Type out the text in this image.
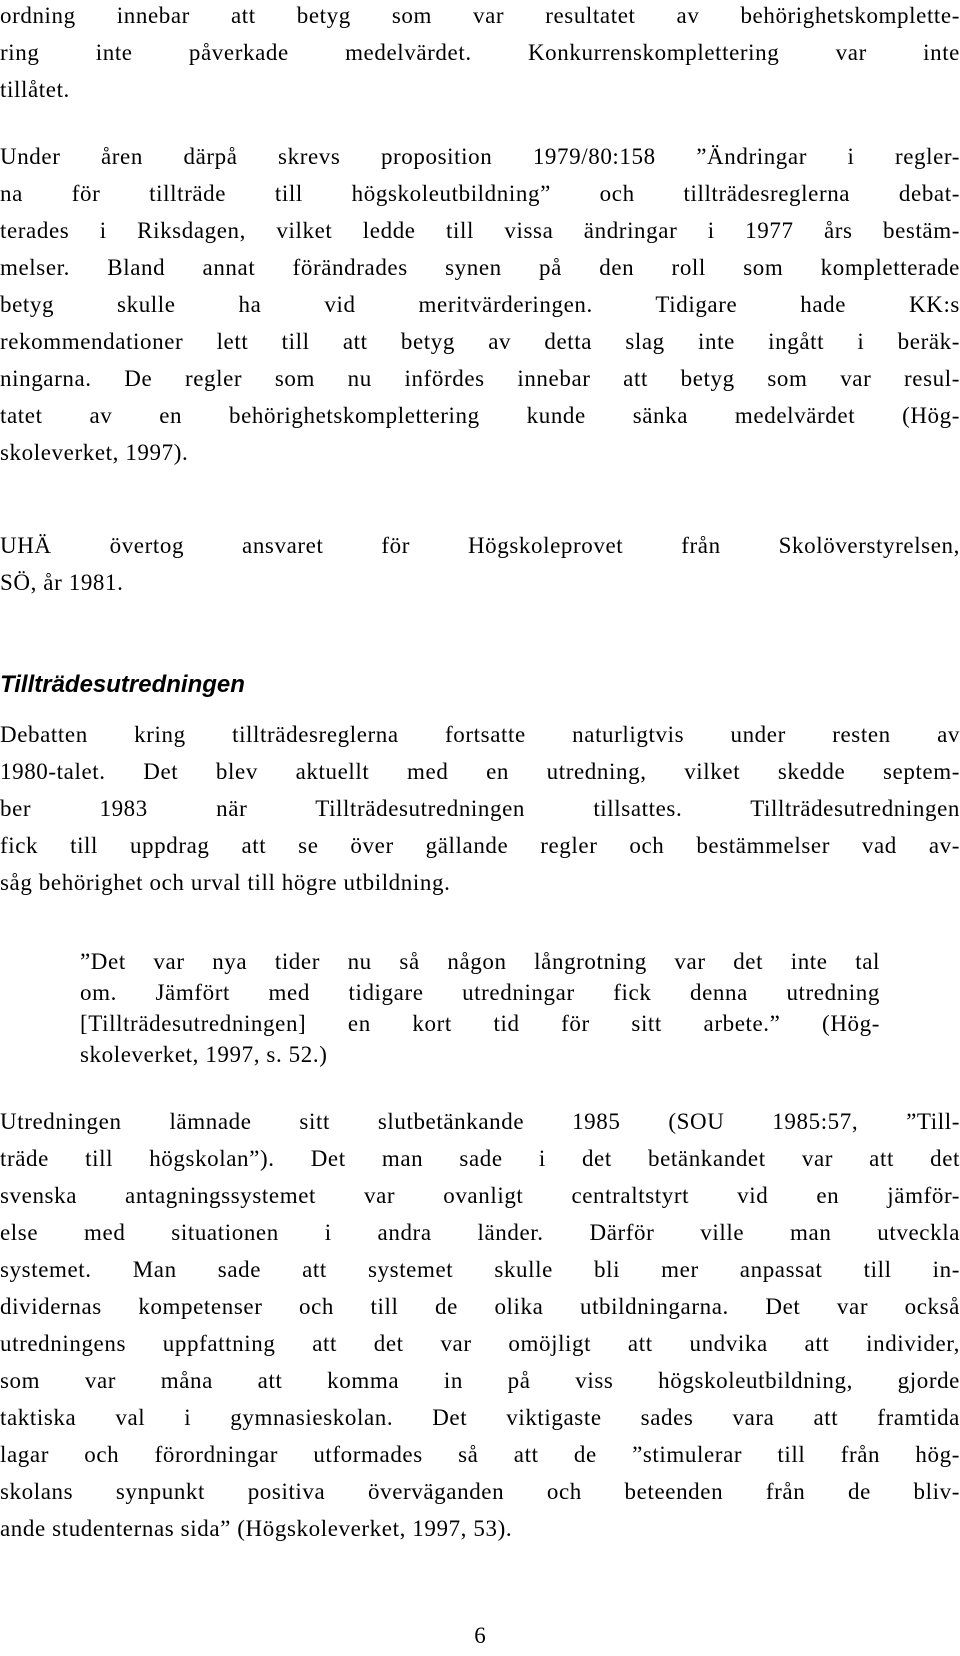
ordning innebar att betyg som var resultatet av behörighetskomplette-
ring inte påverkade medelvärdet. Konkurrenskomplettering var inte
tillåtet.
Under åren därpå skrevs proposition 1979/80:158 ”Ändringar i regler-
na för tillträde till högskoleutbildning” och tillträdesreglerna debat-
terades i Riksdagen, vilket ledde till vissa ändringar i 1977 års bestäm-
melser. Bland annat förändrades synen på den roll som kompletterade
betyg skulle ha vid meritvärderingen. Tidigare hade KK:s
rekommendationer lett till att betyg av detta slag inte ingått i beräk-
ningarna. De regler som nu infördes innebar att betyg som var resul-
tatet av en behörighetskomplettering kunde sänka medelvärdet (Hög-
skoleverket, 1997).
UHÄ övertog ansvaret för Högskoleprovet från Skolöverstyrelsen,
SÖ, år 1981.
Tillträdesutredningen
Debatten kring tillträdesreglerna fortsatte naturligtvis under resten av
1980-talet. Det blev aktuellt med en utredning, vilket skedde septem-
ber 1983 när Tillträdesutredningen tillsattes. Tillträdesutredningen
fick till uppdrag att se över gällande regler och bestämmelser vad av-
såg behörighet och urval till högre utbildning.
”Det var nya tider nu så någon långrotning var det inte tal
om. Jämfört med tidigare utredningar fick denna utredning
[Tillträdesutredningen] en kort tid för sitt arbete.” (Hög-
skoleverket, 1997, s. 52.)
Utredningen lämnade sitt slutbetänkande 1985 (SOU 1985:57, ”Till-
träde till högskolan”). Det man sade i det betänkandet var att det
svenska antagningssystemet var ovanligt centraltstyrt vid en jämför-
else med situationen i andra länder. Därför ville man utveckla
systemet. Man sade att systemet skulle bli mer anpassat till in-
dividernas kompetenser och till de olika utbildningarna. Det var också
utredningens uppfattning att det var omöjligt att undvika att individer,
som var måna att komma in på viss högskoleutbildning, gjorde
taktiska val i gymnasieskolan. Det viktigaste sades vara att framtida
lagar och förordningar utformades så att de ”stimulerar till från hög-
skolans synpunkt positiva överväganden och beteenden från de bliv-
ande studenternas sida” (Högskoleverket, 1997, 53).
6
